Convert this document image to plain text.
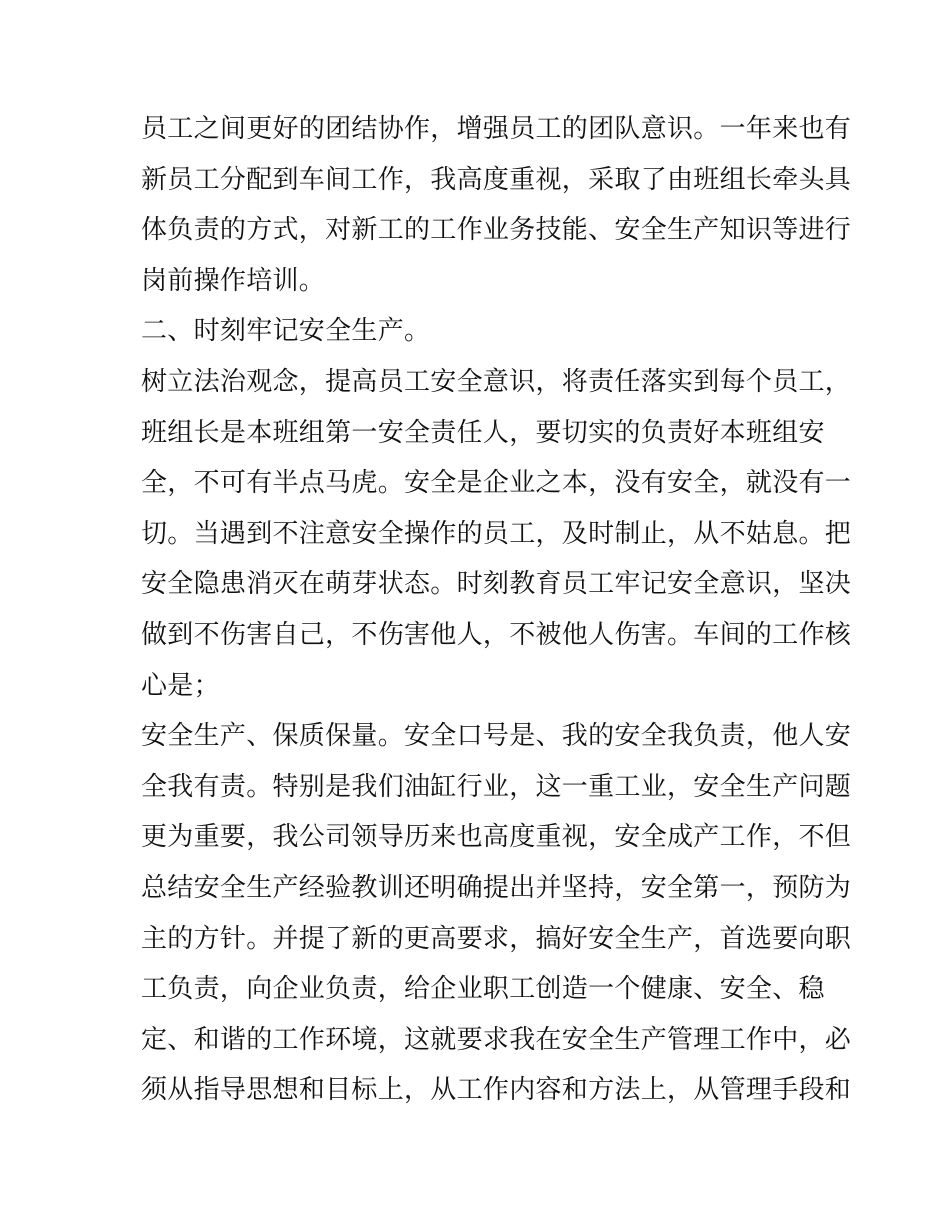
员工之间更好的团结协作，增强员工的团队意识。一年来也有
新员工分配到车间工作，我高度重视，采取了由班组长牵头具
体负责的方式，对新工的工作业务技能、安全生产知识等进行
岗前操作培训。
二、时刻牢记安全生产。
树立法治观念，提高员工安全意识，将责任落实到每个员工，
班组长是本班组第一安全责任人，要切实的负责好本班组安
全，不可有半点马虎。安全是企业之本，没有安全，就没有一
切。当遇到不注意安全操作的员工，及时制止，从不姑息。把
安全隐患消灭在萌芽状态。时刻教育员工牢记安全意识，坚决
做到不伤害自己，不伤害他人，不被他人伤害。车间的工作核
心是；
安全生产、保质保量。安全口号是、我的安全我负责，他人安
全我有责。特别是我们油缸行业，这一重工业，安全生产问题
更为重要，我公司领导历来也高度重视，安全成产工作，不但
总结安全生产经验教训还明确提出并坚持，安全第一，预防为
主的方针。并提了新的更高要求，搞好安全生产，首选要向职
工负责，向企业负责，给企业职工创造一个健康、安全、稳
定、和谐的工作环境，这就要求我在安全生产管理工作中，必
须从指导思想和目标上，从工作内容和方法上，从管理手段和
